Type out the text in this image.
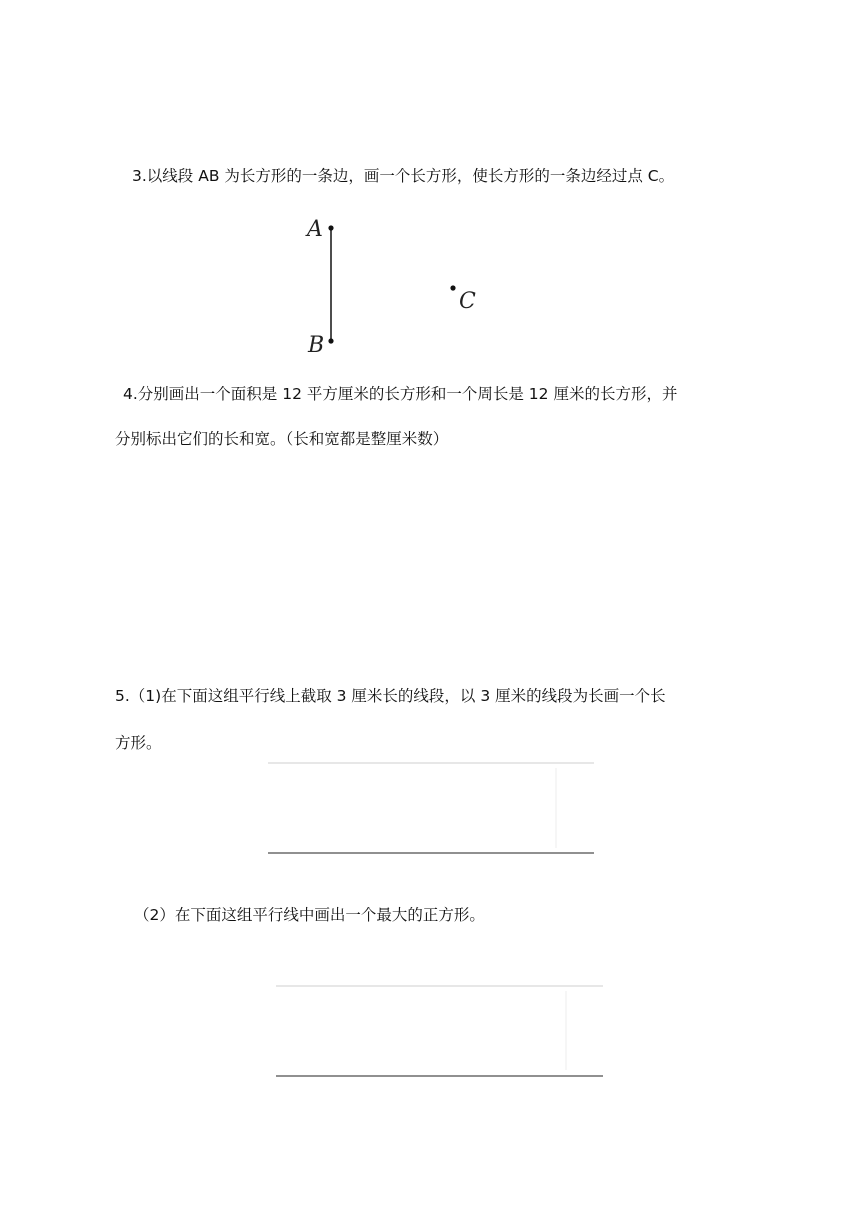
3.以线段 AB 为长方形的一条边，画一个长方形，使长方形的一条边经过点 C。
A
B
C
4.分别画出一个面积是 12 平方厘米的长方形和一个周长是 12 厘米的长方形，并
分别标出它们的长和宽。（长和宽都是整厘米数）
5.（1)在下面这组平行线上截取 3 厘米长的线段，以 3 厘米的线段为长画一个长
方形。
（2）在下面这组平行线中画出一个最大的正方形。
